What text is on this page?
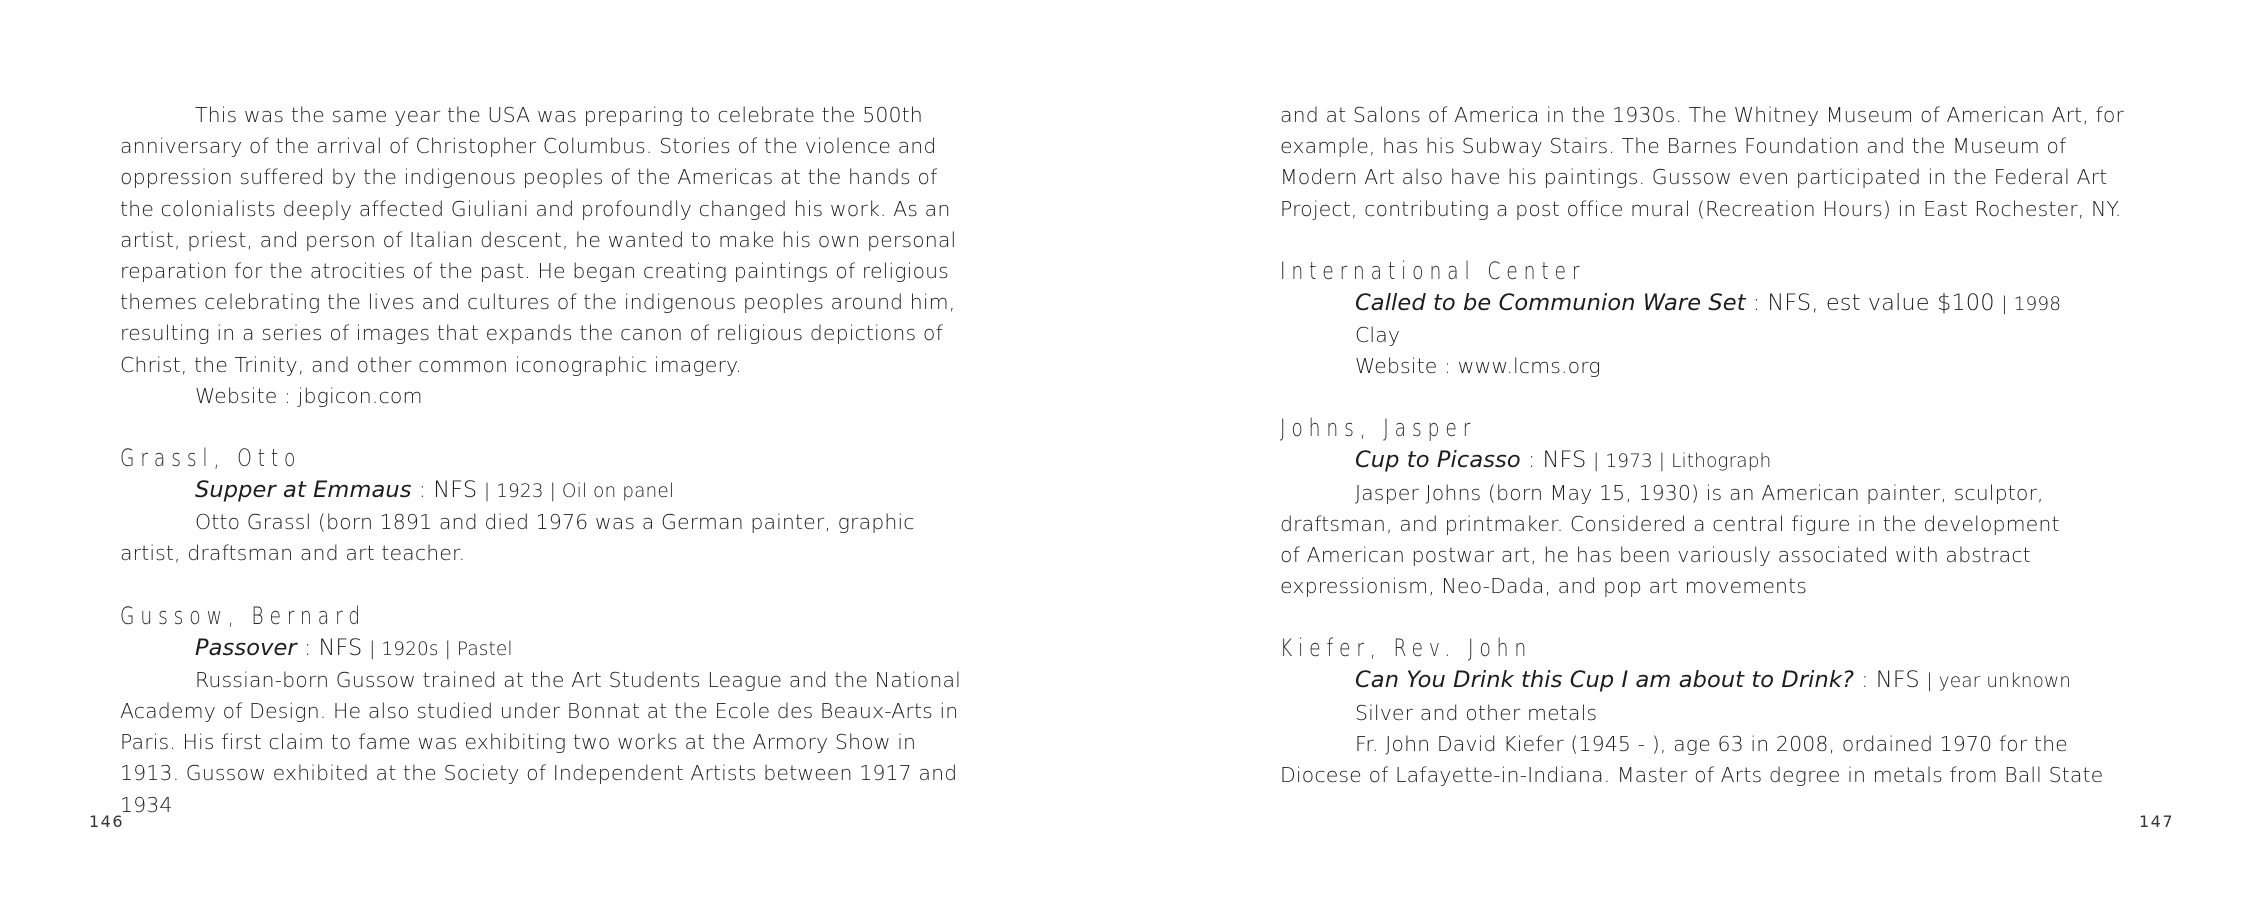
This was the same year the USA was preparing to celebrate the 500th anniversary of the arrival of Christopher Columbus. Stories of the violence and oppression suffered by the indigenous peoples of the Americas at the hands of the colonialists deeply affected Giuliani and profoundly changed his work. As an artist, priest, and person of Italian descent, he wanted to make his own personal reparation for the atrocities of the past. He began creating paintings of religious themes celebrating the lives and cultures of the indigenous peoples around him, resulting in a series of images that expands the canon of religious depictions of Christ, the Trinity, and other common iconographic imagery.

Website : jbgicon.com

Grassl, Otto
Supper at Emmaus : NFS | 1923 | Oil on panel

Otto Grassl (born 1891 and died 1976 was a German painter, graphic artist, draftsman and art teacher.

Gussow, Bernard
Passover : NFS | 1920s | Pastel

Russian-born Gussow trained at the Art Students League and the National Academy of Design. He also studied under Bonnat at the Ecole des Beaux-Arts in Paris. His first claim to fame was exhibiting two works at the Armory Show in 1913. Gussow exhibited at the Society of Independent Artists between 1917 and 1934

146

and at Salons of America in the 1930s. The Whitney Museum of American Art, for example, has his Subway Stairs. The Barnes Foundation and the Museum of Modern Art also have his paintings. Gussow even participated in the Federal Art Project, contributing a post office mural (Recreation Hours) in East Rochester, NY.

International Center
Called to be Communion Ware Set : NFS, est value $100 | 1998

Clay

Website : www.lcms.org

Johns, Jasper
Cup to Picasso : NFS | 1973 | Lithograph

Jasper Johns (born May 15, 1930) is an American painter, sculptor,

draftsman, and printmaker. Considered a central figure in the development

of American postwar art, he has been variously associated with abstract

expressionism, Neo-Dada, and pop art movements

Kiefer, Rev. John
Can You Drink this Cup I am about to Drink? : NFS | year unknown

Silver and other metals

Fr. John David Kiefer (1945 - ), age 63 in 2008, ordained 1970 for the Diocese of Lafayette-in-Indiana. Master of Arts degree in metals from Ball State

147
